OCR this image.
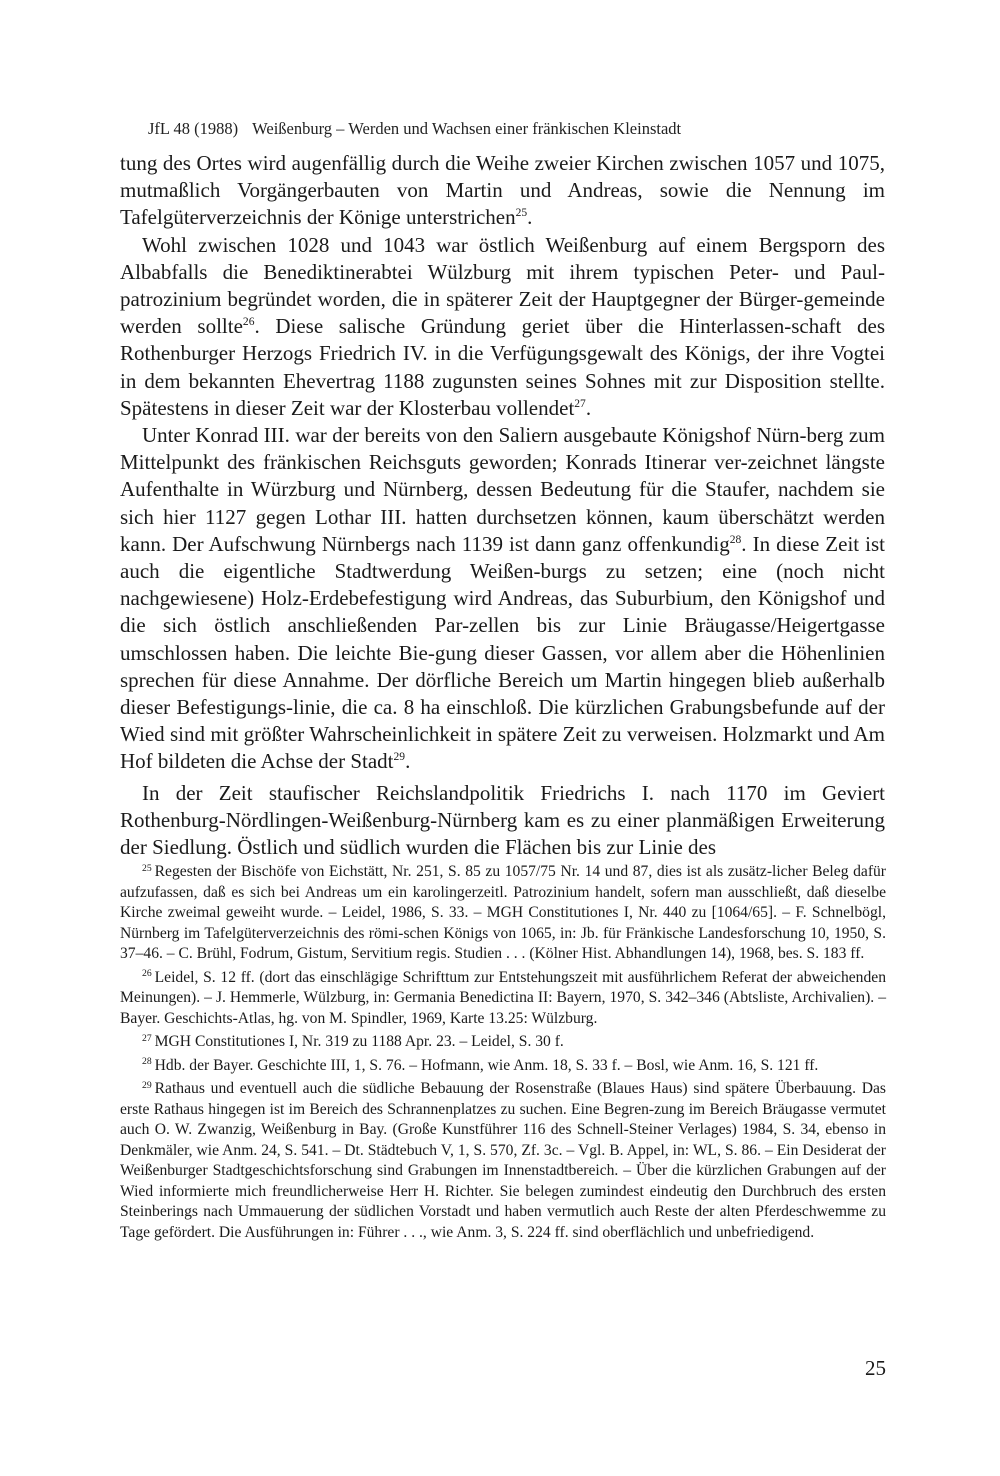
JfL 48 (1988) Weißenburg – Werden und Wachsen einer fränkischen Kleinstadt

tung des Ortes wird augenfällig durch die Weihe zweier Kirchen zwischen 1057 und 1075, mutmaßlich Vorgängerbauten von Martin und Andreas, sowie die Nennung im Tafelgüterverzeichnis der Könige unterstrichen$^{25}$.

Wohl zwischen 1028 und 1043 war östlich Weißenburg auf einem Bergsporn des Albabfalls die Benediktinerabtei Wülzburg mit ihrem typischen Peter- und Paul-patrozinium begründet worden, die in späterer Zeit der Hauptgegner der Bürger-gemeinde werden sollte$^{26}$. Diese salische Gründung geriet über die Hinterlassen-schaft des Rothenburger Herzogs Friedrich IV. in die Verfügungsgewalt des Königs, der ihre Vogtei in dem bekannten Ehevertrag 1188 zugunsten seines Sohnes mit zur Disposition stellte. Spätestens in dieser Zeit war der Klosterbau vollendet$^{27}$.

Unter Konrad III. war der bereits von den Saliern ausgebaute Königshof Nürn-berg zum Mittelpunkt des fränkischen Reichsguts geworden; Konrads Itinerar ver-zeichnet längste Aufenthalte in Würzburg und Nürnberg, dessen Bedeutung für die Staufer, nachdem sie sich hier 1127 gegen Lothar III. hatten durchsetzen können, kaum überschätzt werden kann. Der Aufschwung Nürnbergs nach 1139 ist dann ganz offenkundig$^{28}$. In diese Zeit ist auch die eigentliche Stadtwerdung Weißen-burgs zu setzen; eine (noch nicht nachgewiesene) Holz-Erdebefestigung wird Andreas, das Suburbium, den Königshof und die sich östlich anschließenden Par-zellen bis zur Linie Bräugasse/Heigertgasse umschlossen haben. Die leichte Bie-gung dieser Gassen, vor allem aber die Höhenlinien sprechen für diese Annahme. Der dörfliche Bereich um Martin hingegen blieb außerhalb dieser Befestigungs-linie, die ca. 8 ha einschloß. Die kürzlichen Grabungsbefunde auf der Wied sind mit größter Wahrscheinlichkeit in spätere Zeit zu verweisen. Holzmarkt und Am Hof bildeten die Achse der Stadt$^{29}$.

In der Zeit staufischer Reichslandpolitik Friedrichs I. nach 1170 im Geviert Rothenburg-Nördlingen-Weißenburg-Nürnberg kam es zu einer planmäßigen Erweiterung der Siedlung. Östlich und südlich wurden die Flächen bis zur Linie des

$^{25}$ Regesten der Bischöfe von Eichstätt, Nr. 251, S. 85 zu 1057/75 Nr. 14 und 87, dies ist als zusätz-licher Beleg dafür aufzufassen, daß es sich bei Andreas um ein karolingerzeitl. Patrozinium handelt, sofern man ausschließt, daß dieselbe Kirche zweimal geweiht wurde. – Leidel, 1986, S. 33. – MGH Constitutiones I, Nr. 440 zu [1064/65]. – F. Schnelbögl, Nürnberg im Tafelgüterverzeichnis des römi-schen Königs von 1065, in: Jb. für Fränkische Landesforschung 10, 1950, S. 37–46. – C. Brühl, Fodrum, Gistum, Servitium regis. Studien . . . (Kölner Hist. Abhandlungen 14), 1968, bes. S. 183 ff.

$^{26}$ Leidel, S. 12 ff. (dort das einschlägige Schrifttum zur Entstehungszeit mit ausführlichem Referat der abweichenden Meinungen). – J. Hemmerle, Wülzburg, in: Germania Benedictina II: Bayern, 1970, S. 342–346 (Abtsliste, Archivalien). – Bayer. Geschichts-Atlas, hg. von M. Spindler, 1969, Karte 13.25: Wülzburg.

$^{27}$ MGH Constitutiones I, Nr. 319 zu 1188 Apr. 23. – Leidel, S. 30 f.

$^{28}$ Hdb. der Bayer. Geschichte III, 1, S. 76. – Hofmann, wie Anm. 18, S. 33 f. – Bosl, wie Anm. 16, S. 121 ff.

$^{29}$ Rathaus und eventuell auch die südliche Bebauung der Rosenstraße (Blaues Haus) sind spätere Überbauung. Das erste Rathaus hingegen ist im Bereich des Schrannenplatzes zu suchen. Eine Begren-zung im Bereich Bräugasse vermutet auch O. W. Zwanzig, Weißenburg in Bay. (Große Kunstführer 116 des Schnell-Steiner Verlages) 1984, S. 34, ebenso in Denkmäler, wie Anm. 24, S. 541. – Dt. Städtebuch V, 1, S. 570, Zf. 3c. – Vgl. B. Appel, in: WL, S. 86. – Ein Desiderat der Weißenburger Stadtgeschichtsforschung sind Grabungen im Innenstadtbereich. – Über die kürzlichen Grabungen auf der Wied informierte mich freundlicherweise Herr H. Richter. Sie belegen zumindest eindeutig den Durchbruch des ersten Steinberings nach Ummauerung der südlichen Vorstadt und haben vermutlich auch Reste der alten Pferdeschwemme zu Tage gefördert. Die Ausführungen in: Führer . . ., wie Anm. 3, S. 224 ff. sind oberflächlich und unbefriedigend.

25
